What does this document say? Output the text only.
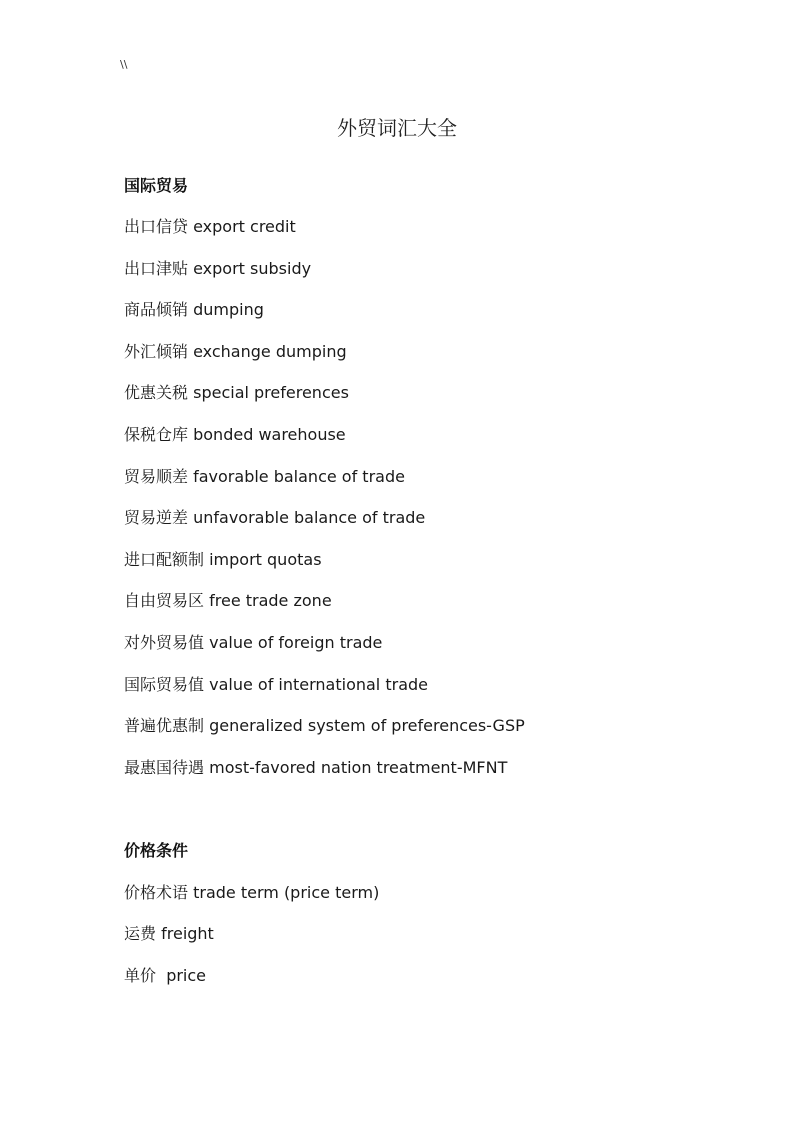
\\
外贸词汇大全
国际贸易
出口信贷 export credit
出口津贴 export subsidy
商品倾销 dumping
外汇倾销 exchange dumping
优惠关税 special preferences
保税仓库 bonded warehouse
贸易顺差 favorable balance of trade
贸易逆差 unfavorable balance of trade
进口配额制 import quotas
自由贸易区 free trade zone
对外贸易值 value of foreign trade
国际贸易值 value of international trade
普遍优惠制 generalized system of preferences-GSP
最惠国待遇 most-favored nation treatment-MFNT
价格条件
价格术语 trade term (price term)
运费 freight
单价 price
